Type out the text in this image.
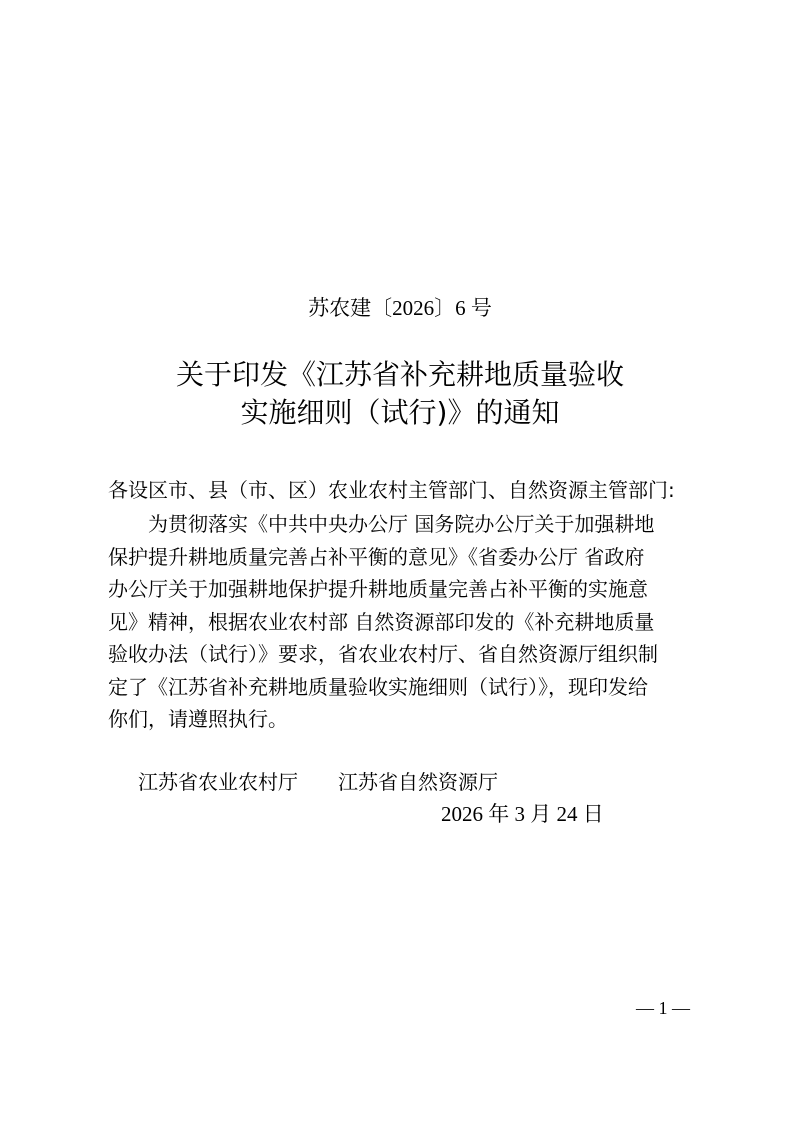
苏农建〔2026〕6 号
关于印发《江苏省补充耕地质量验收
实施细则（试行)》的通知
各设区市、县（市、区）农业农村主管部门、自然资源主管部门:
为贯彻落实《中共中央办公厅 国务院办公厅关于加强耕地
保护提升耕地质量完善占补平衡的意见》《省委办公厅 省政府
办公厅关于加强耕地保护提升耕地质量完善占补平衡的实施意
见》精神，根据农业农村部 自然资源部印发的《补充耕地质量
验收办法（试行）》要求，省农业农村厅、省自然资源厅组织制
定了《江苏省补充耕地质量验收实施细则（试行）》，现印发给
你们，请遵照执行。
江苏省农业农村厅 江苏省自然资源厅
2026 年 3 月 24 日
— 1 —
